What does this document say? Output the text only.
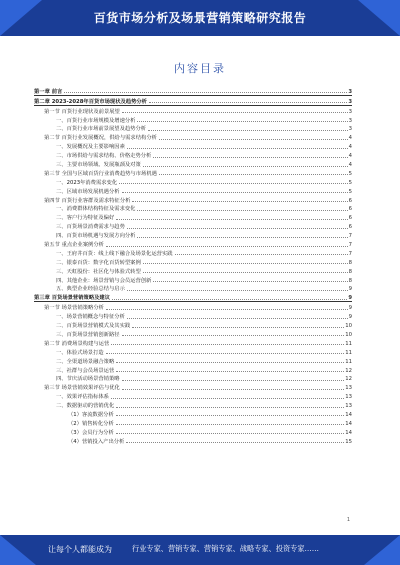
百货市场分析及场景营销策略研究报告
内容目录
第一章 前言	3
第二章 2023-2028年百货市场现状及趋势分析	3
第一节 百货行业现状及前景展望	3
一、百货行业市场规模及增速分析	3
二、百货行业市场前景展望及趋势分析	3
第二节 百货行业发展概况，供给与需求结构分析	4
一、发展概况及主要影响因素	4
二、市场供给与需求结构、价格走势分析	4
三、主要市场领域、发展瓶颈及对策	4
第三节 全国与区域百货行业消费趋势与市场机遇	5
一、2023年消费需求变化	5
二、区域市场发展机遇分析	5
第四节 百货行业客群及需求特征分析	6
一、消费群体结构特征及需求变化	6
二、客户行为特征及偏好	6
三、百货场景消费需求与趋势	6
四、百货市场机遇与发展方向分析	7
第五节 重点企业案例分析	7
一、王府井百货：线上线下融合及场景化运营实践	7
二、银泰百货：数字化百货转型案例	8
三、天虹股份：社区化与体验式转型	8
四、其他企业：场景营销与会员运营创新	8
五、典型企业经验总结与启示	9
第三章 百货场景营销策略及建议	9
第一节 场景营销策略分析	9
一、场景营销概念与特征分析	9
二、百货场景营销模式及其实践	10
三、百货场景营销创新路径	10
第二节 消费场景构建与运营	11
一、体验式场景打造	11
二、全渠道场景融合策略	11
三、社群与会员场景运营	12
四、节庆活动场景营销策略	12
第三节 场景营销效果评估与优化	13
一、效果评估指标体系	13
二、数据驱动的营销优化	13
（1）客流数据分析	14
（2）销售转化分析	14
（3）会员行为分析	14
（4）营销投入产出分析	15
1
让每个人都能成为	行业专家、营销专家、营销专家、战略专家、投资专家……
